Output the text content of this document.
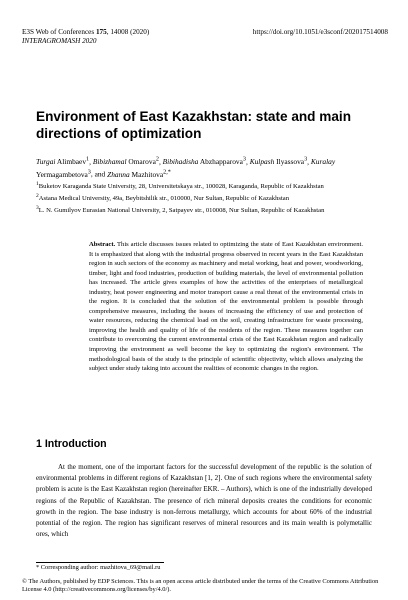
E3S Web of Conferences 175, 14008 (2020)	https://doi.org/10.1051/e3sconf/202017514008
INTERAGROMASH 2020
Environment of East Kazakhstan: state and main directions of optimization
Turgai Alimbaev$^1$, Bibizhamal Omarova$^2$, Bibihadisha Abzhapparova$^3$, Kulpash Ilyassova$^3$, Kuralay Yermagambetova$^3$, and Zhanna Mazhitova$^{2,*}$
$^1$Buketov Karaganda State University, 28, Universitetskaya str., 100028, Karaganda, Republic of Kazakhstan
$^2$Astana Medical University, 49a, Beybitshilik str., 010000, Nur Sultan, Republic of Kazakhstan
$^3$L. N. Gumilyov Eurasian National University, 2, Satpayev str., 010008, Nur Sultan, Republic of Kazakhstan
Abstract. This article discusses issues related to optimizing the state of East Kazakhstan environment. It is emphasized that along with the industrial progress observed in recent years in the East Kazakhstan region in such sectors of the economy as machinery and metal working, heat and power, woodworking, timber, light and food industries, production of building materials, the level of environmental pollution has increased. The article gives examples of how the activities of the enterprises of metallurgical industry, heat power engineering and motor transport cause a real threat of the environmental crisis in the region. It is concluded that the solution of the environmental problem is possible through comprehensive measures, including the issues of increasing the efficiency of use and protection of water resources, reducing the chemical load on the soil, creating infrastructure for waste processing, improving the health and quality of life of the residents of the region. These measures together can contribute to overcoming the current environmental crisis of the East Kazakhstan region and radically improving the environment as well become the key to optimizing the region's environment. The methodological basis of the study is the principle of scientific objectivity, which allows analyzing the subject under study taking into account the realities of economic changes in the region.
1 Introduction

At the moment, one of the important factors for the successful development of the republic is the solution of environmental problems in different regions of Kazakhstan [1, 2]. One of such regions where the environmental safety problem is acute is the East Kazakhstan region (hereinafter EKR. – Authors), which is one of the industrially developed regions of the Republic of Kazakhstan. The presence of rich mineral deposits creates the conditions for economic growth in the region. The base industry is non-ferrous metallurgy, which accounts for about 60% of the industrial potential of the region. The region has significant reserves of mineral resources and its main wealth is polymetallic ores, which

* Corresponding author: mazhitova_69@mail.ru
© The Authors, published by EDP Sciences. This is an open access article distributed under the terms of the Creative Commons Attribution License 4.0 (http://creativecommons.org/licenses/by/4.0/).
